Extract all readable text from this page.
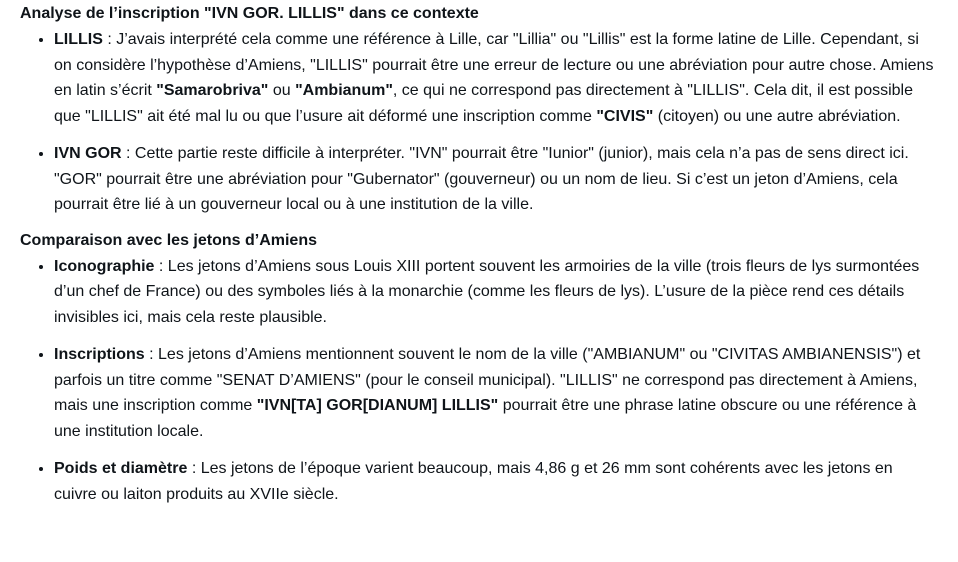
Analyse de l’inscription "IVN GOR. LILLIS" dans ce contexte
• LILLIS : J’avais interprété cela comme une référence à Lille, car "Lillia" ou "Lillis" est la forme latine de Lille. Cependant, si on considère l’hypothèse d’Amiens, "LILLIS" pourrait être une erreur de lecture ou une abréviation pour autre chose. Amiens en latin s’écrit "Samarobriva" ou "Ambianum", ce qui ne correspond pas directement à "LILLIS". Cela dit, il est possible que "LILLIS" ait été mal lu ou que l’usure ait déformé une inscription comme "CIVIS" (citoyen) ou une autre abréviation.
• IVN GOR : Cette partie reste difficile à interpréter. "IVN" pourrait être "Iunior" (junior), mais cela n’a pas de sens direct ici. "GOR" pourrait être une abréviation pour "Gubernator" (gouverneur) ou un nom de lieu. Si c’est un jeton d’Amiens, cela pourrait être lié à un gouverneur local ou à une institution de la ville.
Comparaison avec les jetons d’Amiens
• Iconographie : Les jetons d’Amiens sous Louis XIII portent souvent les armoiries de la ville (trois fleurs de lys surmontées d’un chef de France) ou des symboles liés à la monarchie (comme les fleurs de lys). L’usure de la pièce rend ces détails invisibles ici, mais cela reste plausible.
• Inscriptions : Les jetons d’Amiens mentionnent souvent le nom de la ville ("AMBIANUM" ou "CIVITAS AMBIANENSIS") et parfois un titre comme "SENAT D’AMIENS" (pour le conseil municipal). "LILLIS" ne correspond pas directement à Amiens, mais une inscription comme "IVN[TA] GOR[DIANUM] LILLIS" pourrait être une phrase latine obscure ou une référence à une institution locale.
• Poids et diamètre : Les jetons de l’époque varient beaucoup, mais 4,86 g et 26 mm sont cohérents avec les jetons en cuivre ou laiton produits au XVIIe siècle.
